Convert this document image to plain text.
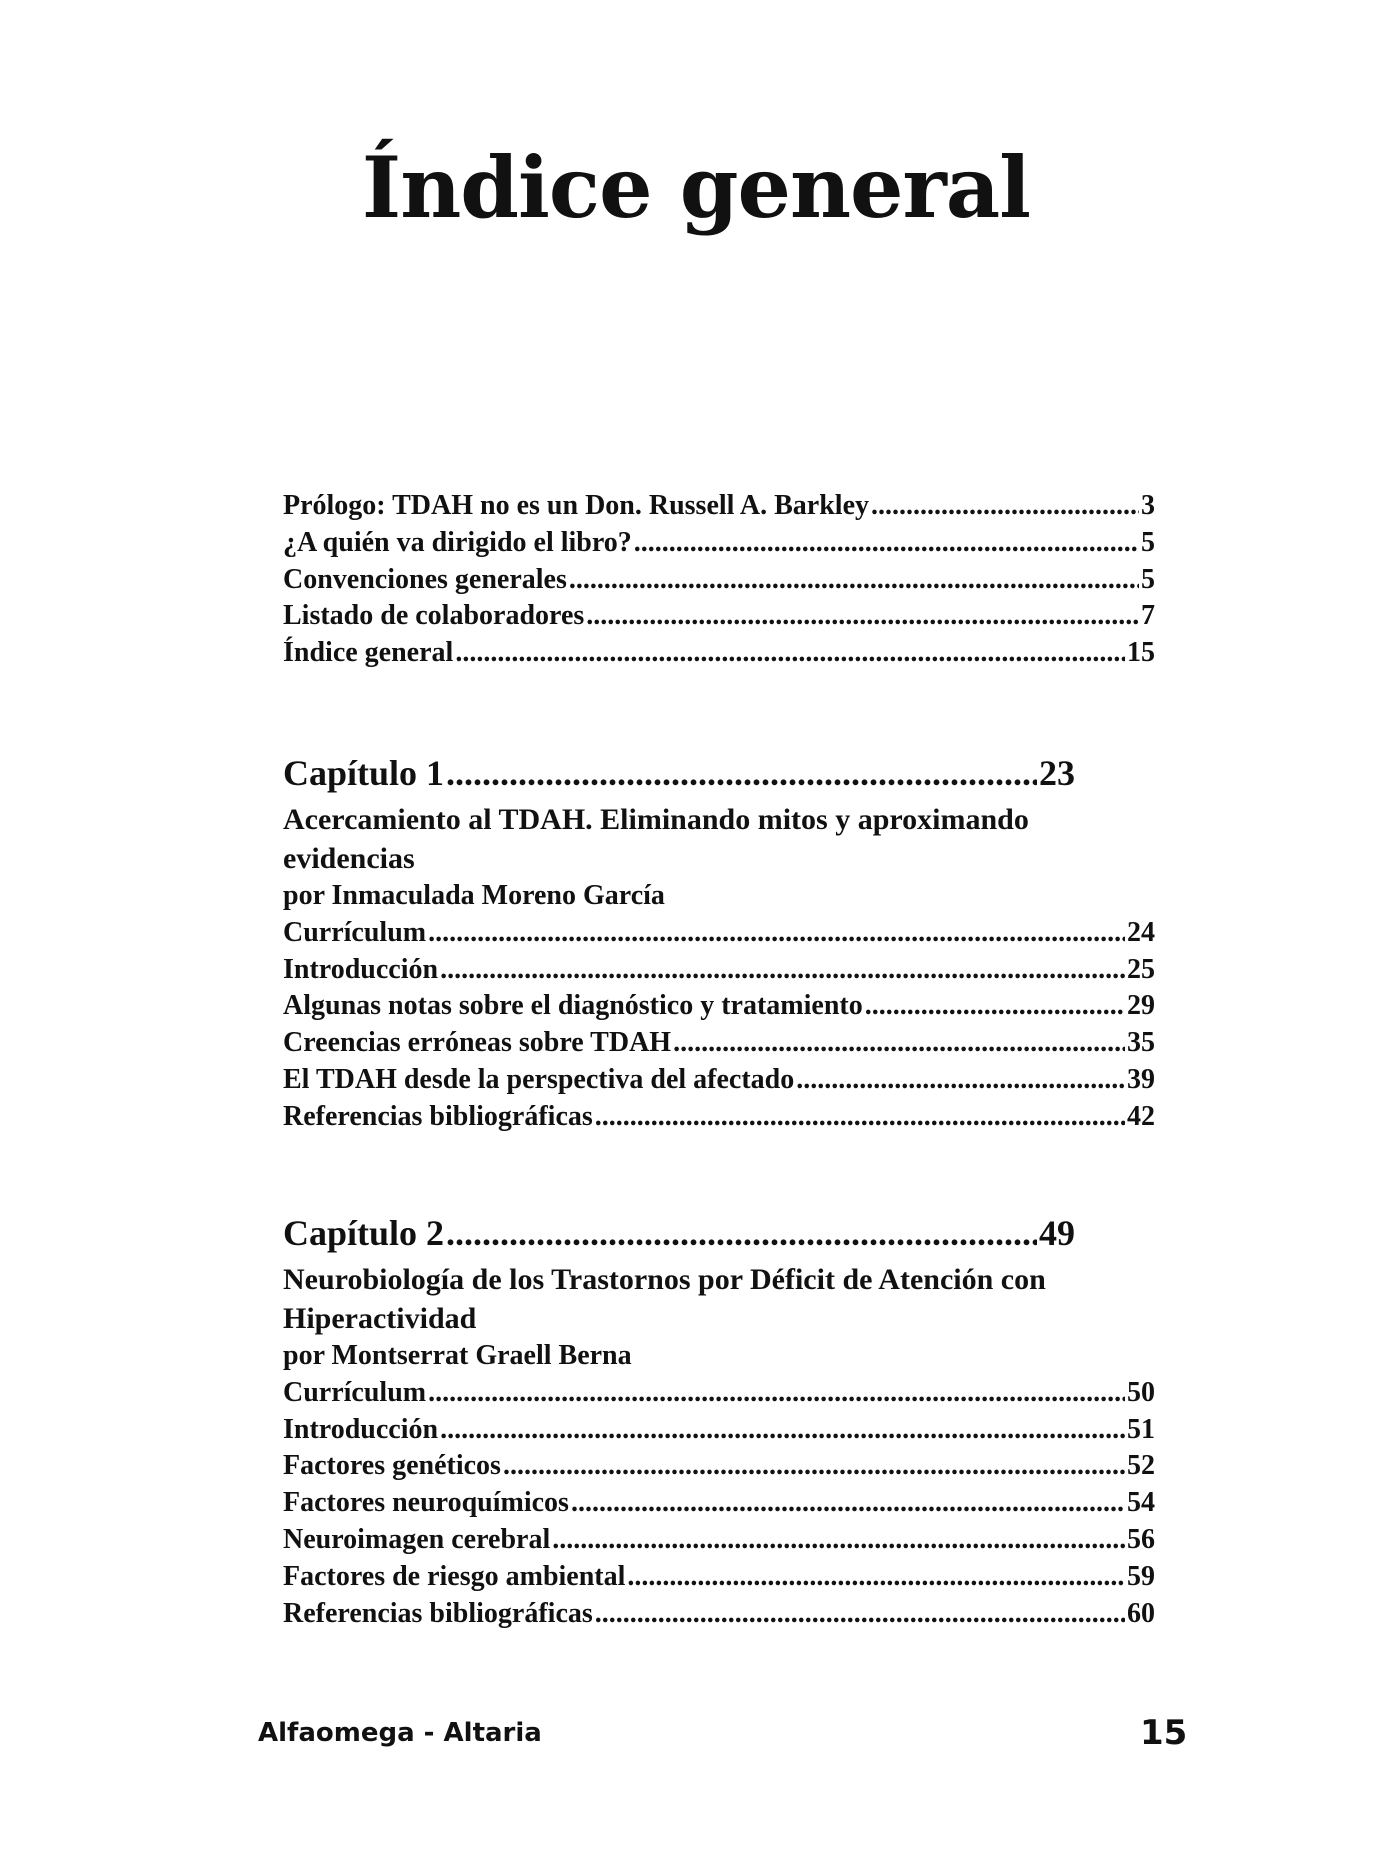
Índice general
Prólogo: TDAH no es un Don. Russell A. Barkley .....	3
¿A quién va dirigido el libro? .....	5
Convenciones generales .....	5
Listado de colaboradores .....	7
Índice general .....	15
Capítulo 1 .....	23

Acercamiento al TDAH. Eliminando mitos y aproximando evidencias

por Inmaculada Moreno García

Currículum .....	24
Introducción .....	25
Algunas notas sobre el diagnóstico y tratamiento .....	29
Creencias erróneas sobre TDAH .....	35
El TDAH desde la perspectiva del afectado .....	39
Referencias bibliográficas .....	42
Capítulo 2 .....	49

Neurobiología de los Trastornos por Déficit de Atención con Hiperactividad

por Montserrat Graell Berna

Currículum .....	50
Introducción .....	51
Factores genéticos .....	52
Factores neuroquímicos .....	54
Neuroimagen cerebral .....	56
Factores de riesgo ambiental .....	59
Referencias bibliográficas .....	60
Alfaomega - Altaria	15
